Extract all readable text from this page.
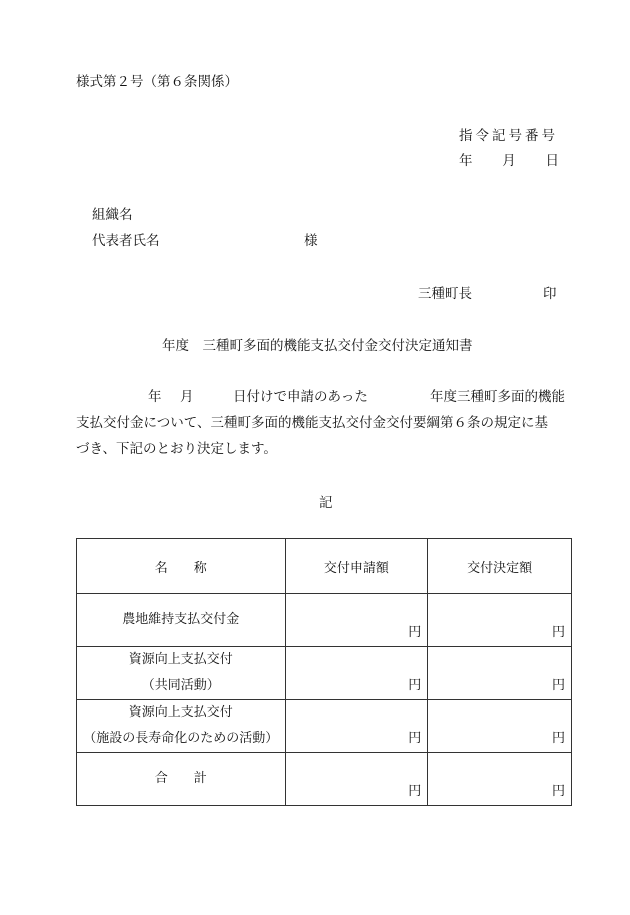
様式第２号（第６条関係）
指令記号番号
年 月 日
組織名
代表者氏名	様
三種町長	印
年度　三種町多面的機能支払交付金交付決定通知書
年 月	日付けで申請のあった	年度三種町多面的機能
支払交付金について、三種町多面的機能支払交付金交付要綱第６条の規定に基
づき、下記のとおり決定します。
記
名　　称	交付申請額	交付決定額

農地維持支払交付金	円	円

資源向上支払交付
（共同活動）	円	円

資源向上支払交付
（施設の長寿命化のための活動）	円	円

合　　計	円	円
